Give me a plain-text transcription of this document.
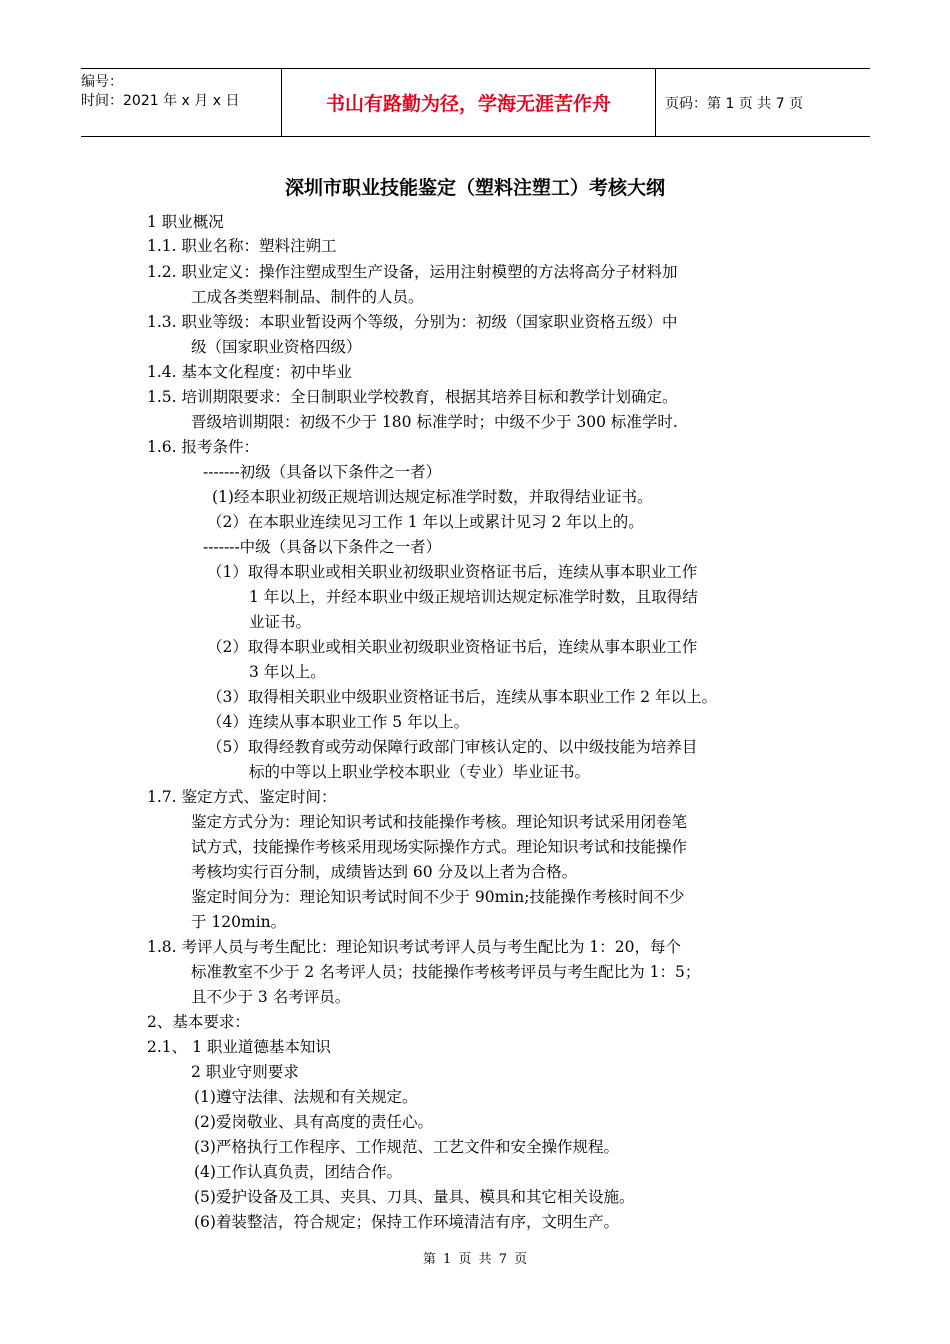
编号：
时间：2021 年 x 月 x 日	书山有路勤为径，学海无涯苦作舟	页码：第 1 页 共 7 页
深圳市职业技能鉴定（塑料注塑工）考核大纲
1 职业概况
1.1. 职业名称：塑料注朔工
1.2. 职业定义：操作注塑成型生产设备，运用注射模塑的方法将高分子材料加
工成各类塑料制品、制件的人员。
1.3. 职业等级：本职业暂设两个等级，分别为：初级（国家职业资格五级）中
级（国家职业资格四级）
1.4. 基本文化程度：初中毕业
1.5. 培训期限要求：全日制职业学校教育，根据其培养目标和教学计划确定。
晋级培训期限：初级不少于 180 标准学时；中级不少于 300 标准学时.
1.6. 报考条件：
-------初级（具备以下条件之一者）
(1)经本职业初级正规培训达规定标准学时数，并取得结业证书。
（2）在本职业连续见习工作 1 年以上或累计见习 2 年以上的。
-------中级（具备以下条件之一者）
（1）取得本职业或相关职业初级职业资格证书后，连续从事本职业工作
1 年以上，并经本职业中级正规培训达规定标准学时数，且取得结
业证书。
（2）取得本职业或相关职业初级职业资格证书后，连续从事本职业工作
3 年以上。
（3）取得相关职业中级职业资格证书后，连续从事本职业工作 2 年以上。
（4）连续从事本职业工作 5 年以上。
（5）取得经教育或劳动保障行政部门审核认定的、以中级技能为培养目
标的中等以上职业学校本职业（专业）毕业证书。
1.7. 鉴定方式、鉴定时间：
鉴定方式分为：理论知识考试和技能操作考核。理论知识考试采用闭卷笔
试方式，技能操作考核采用现场实际操作方式。理论知识考试和技能操作
考核均实行百分制，成绩皆达到 60 分及以上者为合格。
鉴定时间分为：理论知识考试时间不少于 90min;技能操作考核时间不少
于 120min。
1.8. 考评人员与考生配比：理论知识考试考评人员与考生配比为 1：20，每个
标准教室不少于 2 名考评人员；技能操作考核考评员与考生配比为 1：5；
且不少于 3 名考评员。
2、基本要求：
2.1、 1 职业道德基本知识
2 职业守则要求
(1)遵守法律、法规和有关规定。
(2)爱岗敬业、具有高度的责任心。
(3)严格执行工作程序、工作规范、工艺文件和安全操作规程。
(4)工作认真负责，团结合作。
(5)爱护设备及工具、夹具、刀具、量具、模具和其它相关设施。
(6)着装整洁，符合规定；保持工作环境清洁有序，文明生产。
第 1 页 共 7 页
